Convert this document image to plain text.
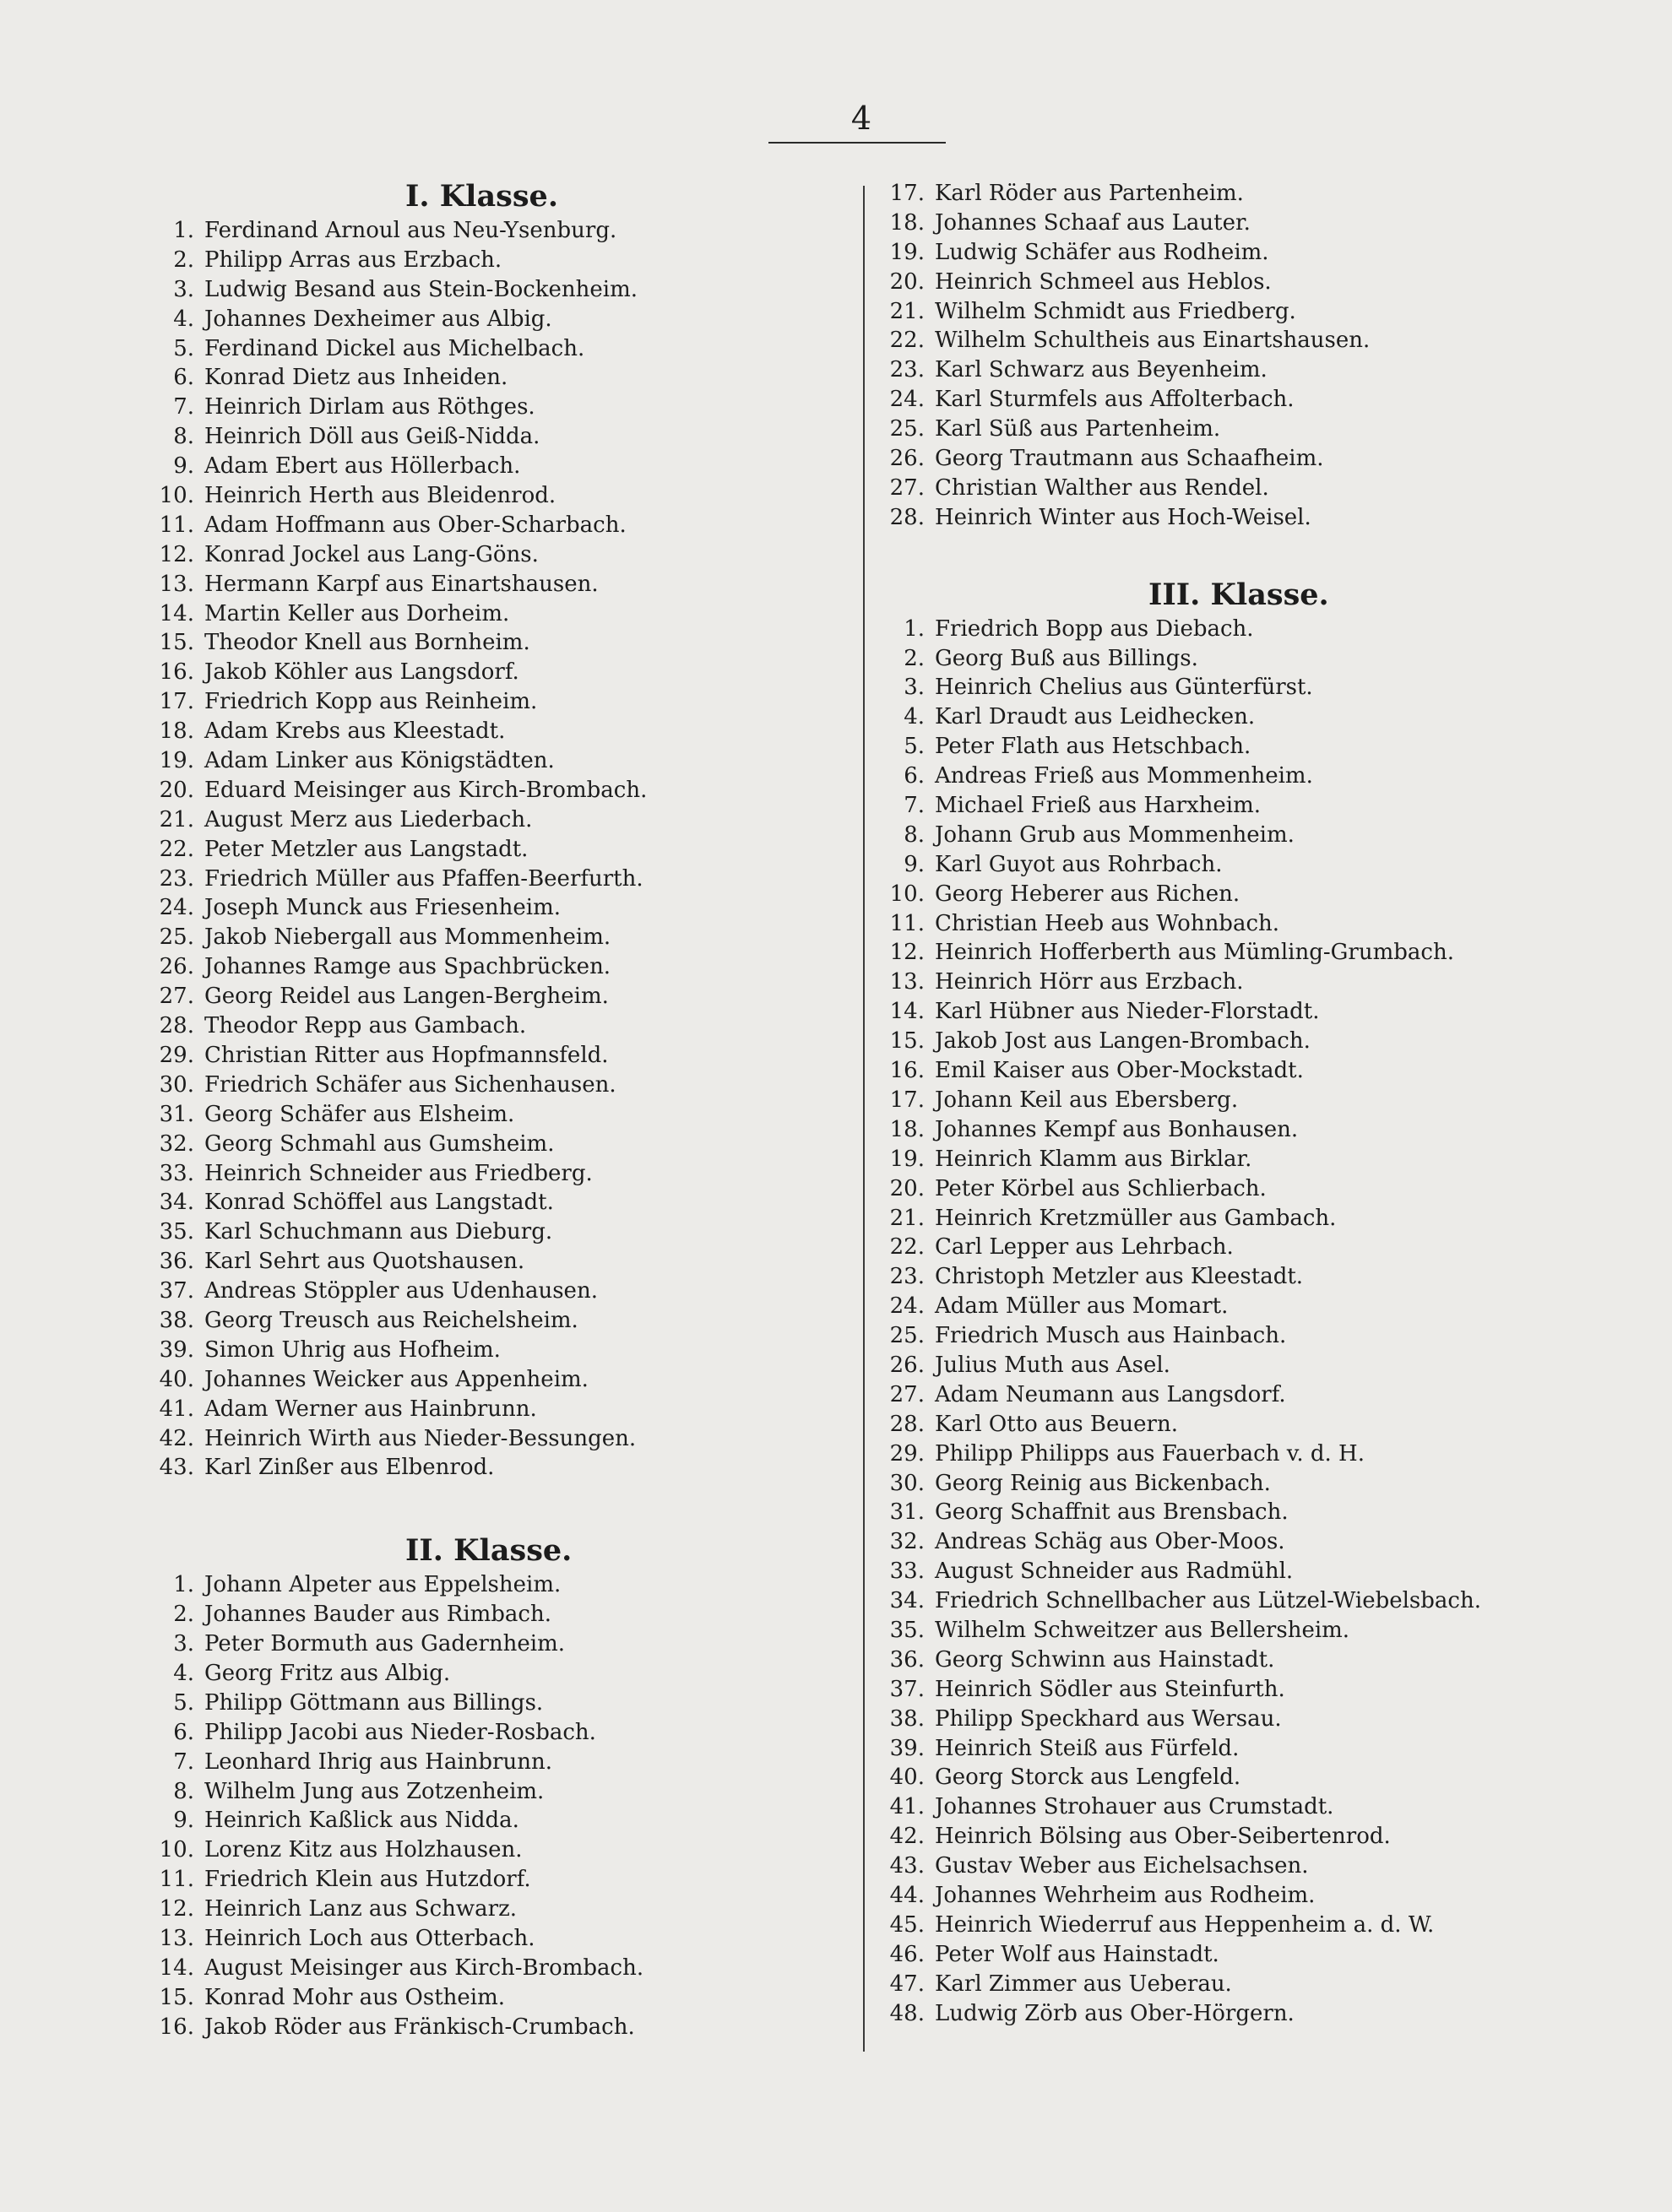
4
I. Klasse.
1. Ferdinand Arnoul aus Neu-Ysenburg.
2. Philipp Arras aus Erzbach.
3. Ludwig Besand aus Stein-Bockenheim.
4. Johannes Dexheimer aus Albig.
5. Ferdinand Dickel aus Michelbach.
6. Konrad Dietz aus Inheiden.
7. Heinrich Dirlam aus Röthges.
8. Heinrich Döll aus Geiß-Nidda.
9. Adam Ebert aus Höllerbach.
10. Heinrich Herth aus Bleidenrod.
11. Adam Hoffmann aus Ober-Scharbach.
12. Konrad Jockel aus Lang-Göns.
13. Hermann Karpf aus Einartshausen.
14. Martin Keller aus Dorheim.
15. Theodor Knell aus Bornheim.
16. Jakob Köhler aus Langsdorf.
17. Friedrich Kopp aus Reinheim.
18. Adam Krebs aus Kleestadt.
19. Adam Linker aus Königstädten.
20. Eduard Meisinger aus Kirch-Brombach.
21. August Merz aus Liederbach.
22. Peter Metzler aus Langstadt.
23. Friedrich Müller aus Pfaffen-Beerfurth.
24. Joseph Munck aus Friesenheim.
25. Jakob Niebergall aus Mommenheim.
26. Johannes Ramge aus Spachbrücken.
27. Georg Reidel aus Langen-Bergheim.
28. Theodor Repp aus Gambach.
29. Christian Ritter aus Hopfmannsfeld.
30. Friedrich Schäfer aus Sichenhausen.
31. Georg Schäfer aus Elsheim.
32. Georg Schmahl aus Gumsheim.
33. Heinrich Schneider aus Friedberg.
34. Konrad Schöffel aus Langstadt.
35. Karl Schuchmann aus Dieburg.
36. Karl Sehrt aus Quotshausen.
37. Andreas Stöppler aus Udenhausen.
38. Georg Treusch aus Reichelsheim.
39. Simon Uhrig aus Hofheim.
40. Johannes Weicker aus Appenheim.
41. Adam Werner aus Hainbrunn.
42. Heinrich Wirth aus Nieder-Bessungen.
43. Karl Zinßer aus Elbenrod.
II. Klasse.
1. Johann Alpeter aus Eppelsheim.
2. Johannes Bauder aus Rimbach.
3. Peter Bormuth aus Gadernheim.
4. Georg Fritz aus Albig.
5. Philipp Göttmann aus Billings.
6. Philipp Jacobi aus Nieder-Rosbach.
7. Leonhard Ihrig aus Hainbrunn.
8. Wilhelm Jung aus Zotzenheim.
9. Heinrich Kaßlick aus Nidda.
10. Lorenz Kitz aus Holzhausen.
11. Friedrich Klein aus Hutzdorf.
12. Heinrich Lanz aus Schwarz.
13. Heinrich Loch aus Otterbach.
14. August Meisinger aus Kirch-Brombach.
15. Konrad Mohr aus Ostheim.
16. Jakob Röder aus Fränkisch-Crumbach.
17. Karl Röder aus Partenheim.
18. Johannes Schaaf aus Lauter.
19. Ludwig Schäfer aus Rodheim.
20. Heinrich Schmeel aus Heblos.
21. Wilhelm Schmidt aus Friedberg.
22. Wilhelm Schultheis aus Einartshausen.
23. Karl Schwarz aus Beyenheim.
24. Karl Sturmfels aus Affolterbach.
25. Karl Süß aus Partenheim.
26. Georg Trautmann aus Schaafheim.
27. Christian Walther aus Rendel.
28. Heinrich Winter aus Hoch-Weisel.
III. Klasse.
1. Friedrich Bopp aus Diebach.
2. Georg Buß aus Billings.
3. Heinrich Chelius aus Günterfürst.
4. Karl Draudt aus Leidhecken.
5. Peter Flath aus Hetschbach.
6. Andreas Frieß aus Mommenheim.
7. Michael Frieß aus Harxheim.
8. Johann Grub aus Mommenheim.
9. Karl Guyot aus Rohrbach.
10. Georg Heberer aus Richen.
11. Christian Heeb aus Wohnbach.
12. Heinrich Hofferberth aus Mümling-Grumbach.
13. Heinrich Hörr aus Erzbach.
14. Karl Hübner aus Nieder-Florstadt.
15. Jakob Jost aus Langen-Brombach.
16. Emil Kaiser aus Ober-Mockstadt.
17. Johann Keil aus Ebersberg.
18. Johannes Kempf aus Bonhausen.
19. Heinrich Klamm aus Birklar.
20. Peter Körbel aus Schlierbach.
21. Heinrich Kretzmüller aus Gambach.
22. Carl Lepper aus Lehrbach.
23. Christoph Metzler aus Kleestadt.
24. Adam Müller aus Momart.
25. Friedrich Musch aus Hainbach.
26. Julius Muth aus Asel.
27. Adam Neumann aus Langsdorf.
28. Karl Otto aus Beuern.
29. Philipp Philipps aus Fauerbach v. d. H.
30. Georg Reinig aus Bickenbach.
31. Georg Schaffnit aus Brensbach.
32. Andreas Schäg aus Ober-Moos.
33. August Schneider aus Radmühl.
34. Friedrich Schnellbacher aus Lützel-Wiebelsbach.
35. Wilhelm Schweitzer aus Bellersheim.
36. Georg Schwinn aus Hainstadt.
37. Heinrich Södler aus Steinfurth.
38. Philipp Speckhard aus Wersau.
39. Heinrich Steiß aus Fürfeld.
40. Georg Storck aus Lengfeld.
41. Johannes Strohauer aus Crumstadt.
42. Heinrich Bölsing aus Ober-Seibertenrod.
43. Gustav Weber aus Eichelsachsen.
44. Johannes Wehrheim aus Rodheim.
45. Heinrich Wiederruf aus Heppenheim a. d. W.
46. Peter Wolf aus Hainstadt.
47. Karl Zimmer aus Ueberau.
48. Ludwig Zörb aus Ober-Hörgern.
